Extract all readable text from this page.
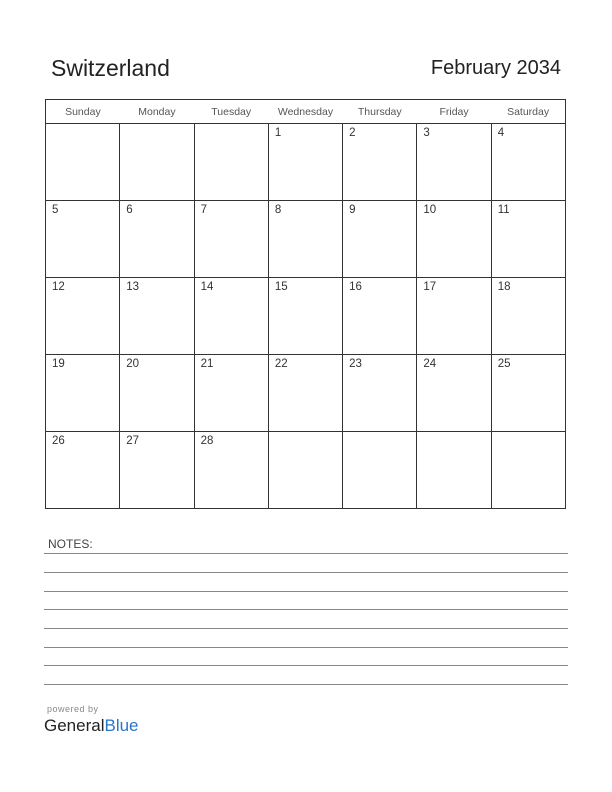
Switzerland	February 2034
Sunday	Monday	Tuesday	Wednesday	Thursday	Friday	Saturday

			1	2	3	4

5	6	7	8	9	10	11

12	13	14	15	16	17	18

19	20	21	22	23	24	25

26	27	28				

NOTES:
powered by
GeneralBlue
